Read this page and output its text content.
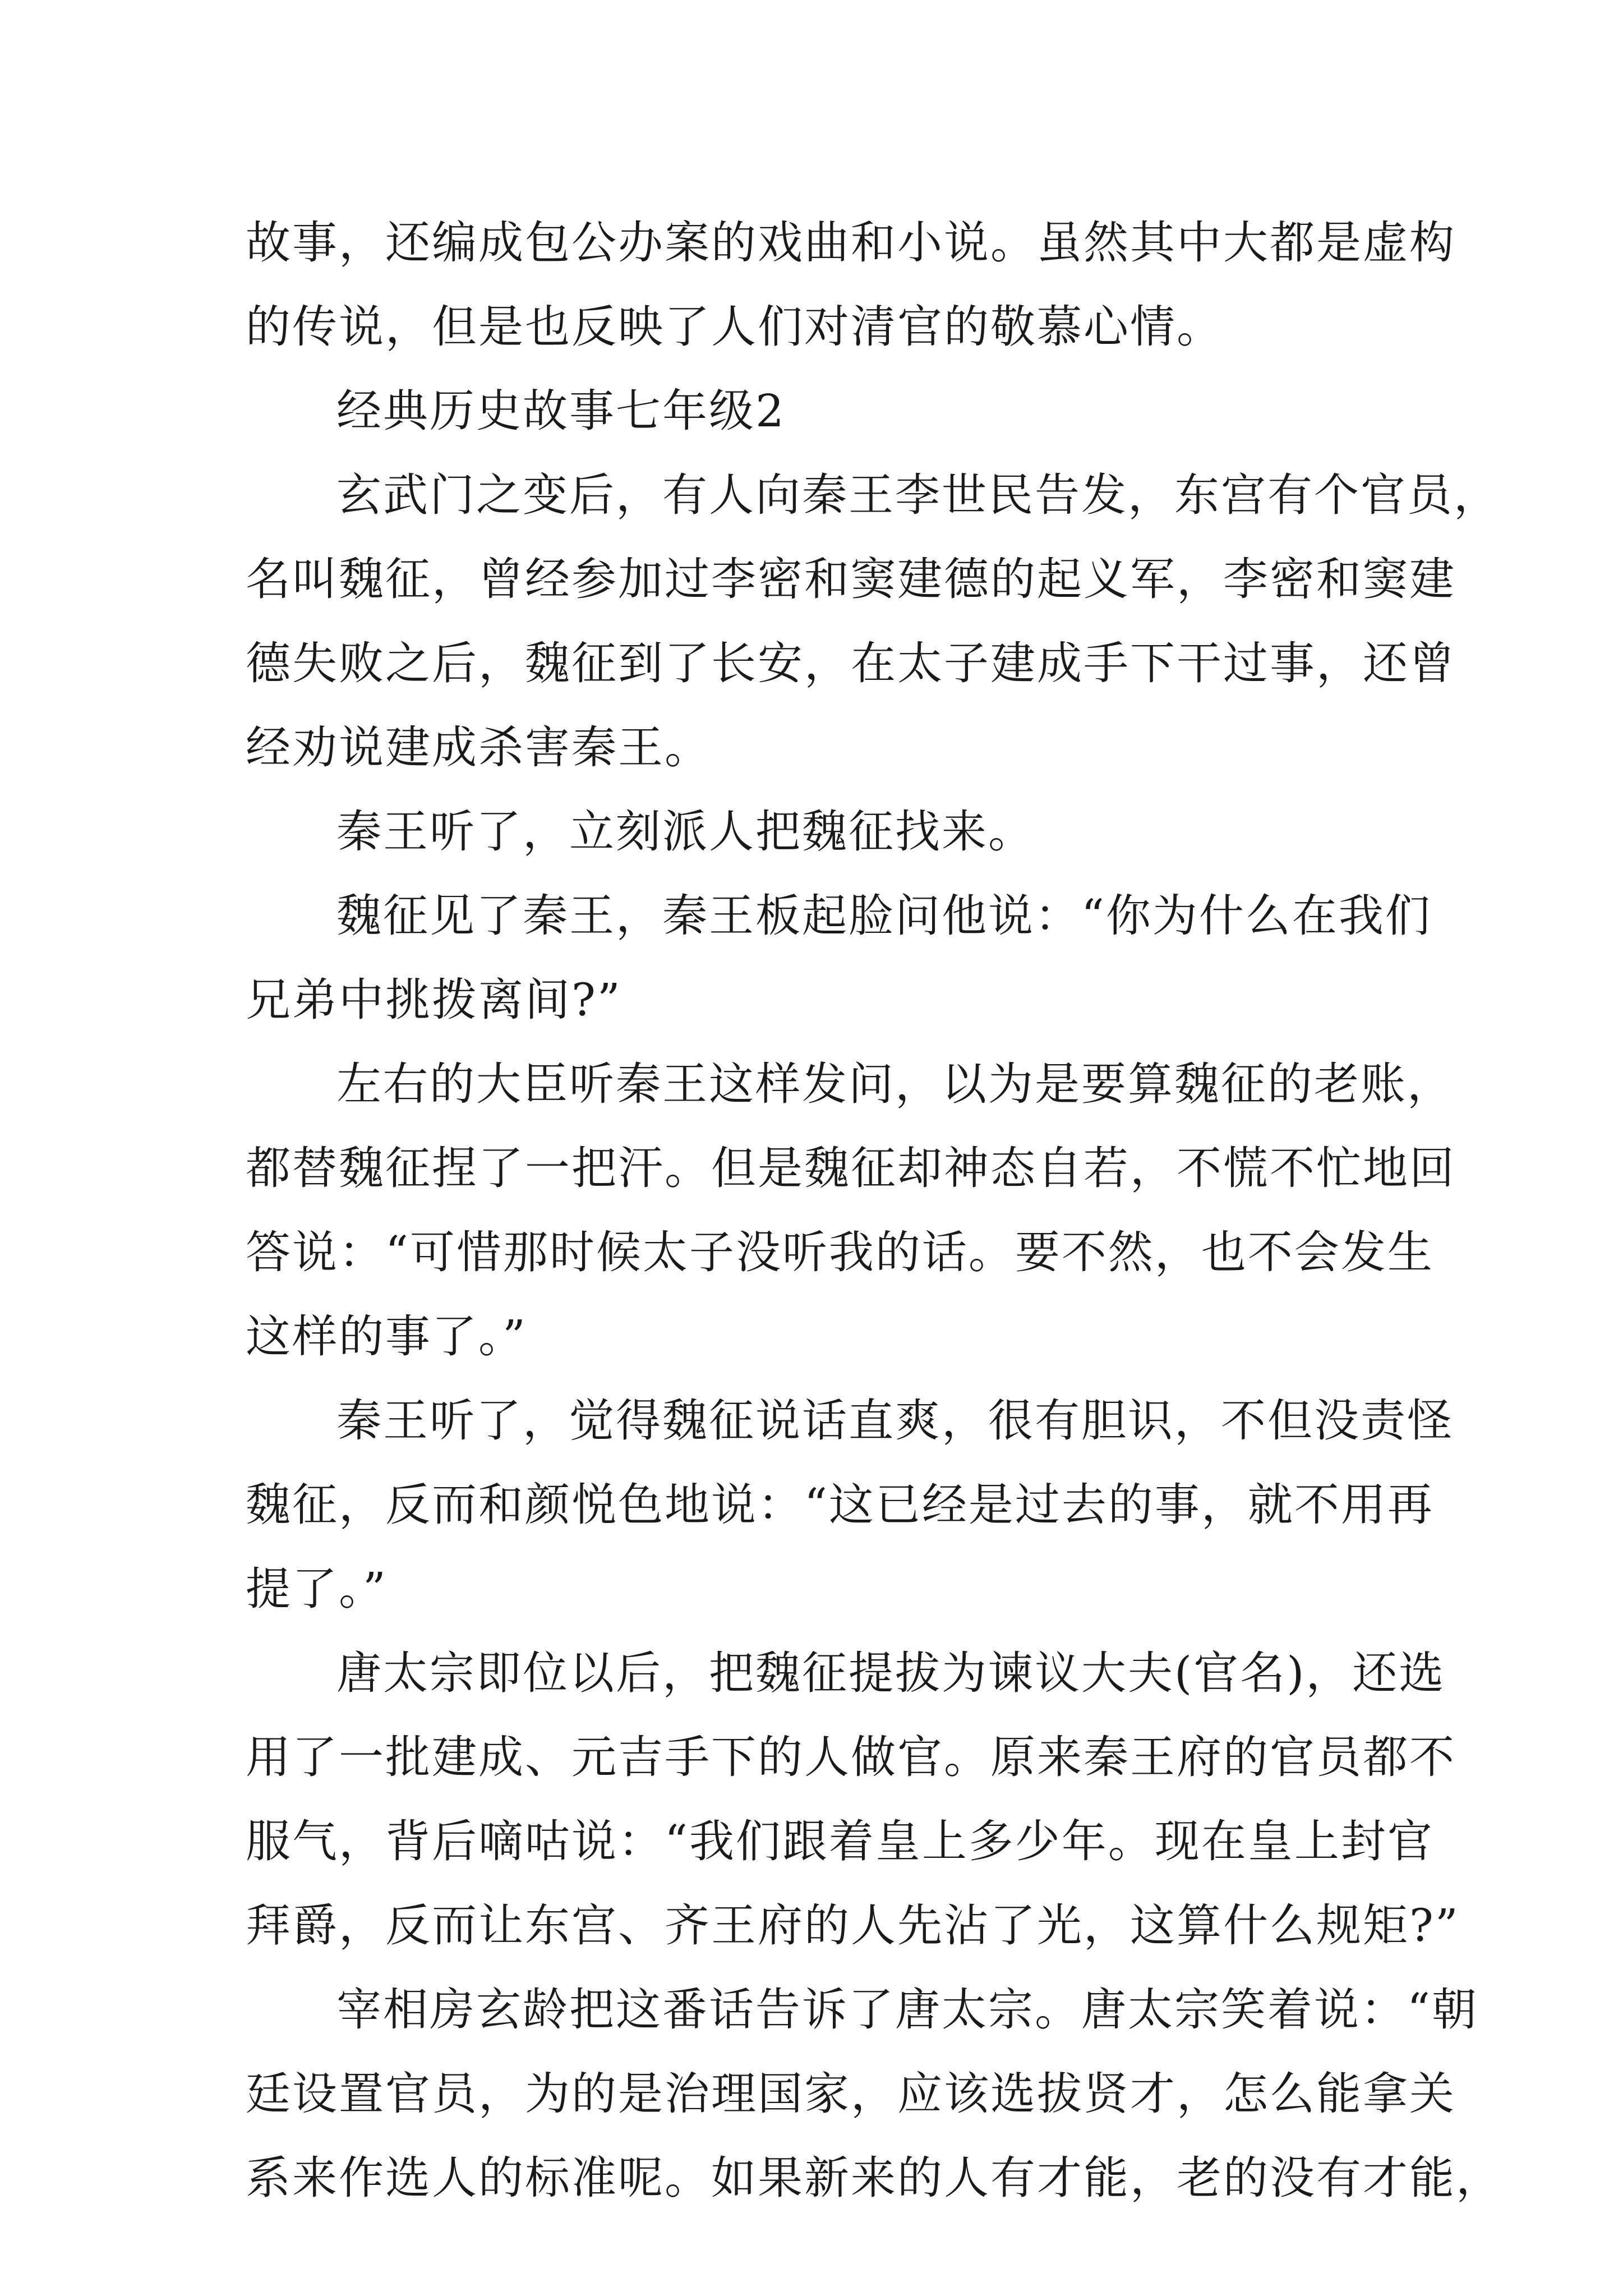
故事，还编成包公办案的戏曲和小说。虽然其中大都是虚构
的传说，但是也反映了人们对清官的敬慕心情。
经典历史故事七年级2
玄武门之变后，有人向秦王李世民告发，东宫有个官员，
名叫魏征，曾经参加过李密和窦建德的起义军，李密和窦建
德失败之后，魏征到了长安，在太子建成手下干过事，还曾
经劝说建成杀害秦王。
秦王听了，立刻派人把魏征找来。
魏征见了秦王，秦王板起脸问他说：“你为什么在我们
兄弟中挑拨离间?”
左右的大臣听秦王这样发问，以为是要算魏征的老账，
都替魏征捏了一把汗。但是魏征却神态自若，不慌不忙地回
答说：“可惜那时候太子没听我的话。要不然，也不会发生
这样的事了。”
秦王听了，觉得魏征说话直爽，很有胆识，不但没责怪
魏征，反而和颜悦色地说：“这已经是过去的事，就不用再
提了。”
唐太宗即位以后，把魏征提拔为谏议大夫(官名)，还选
用了一批建成、元吉手下的人做官。原来秦王府的官员都不
服气，背后嘀咕说：“我们跟着皇上多少年。现在皇上封官
拜爵，反而让东宫、齐王府的人先沾了光，这算什么规矩?”
宰相房玄龄把这番话告诉了唐太宗。唐太宗笑着说：“朝
廷设置官员，为的是治理国家，应该选拔贤才，怎么能拿关
系来作选人的标准呢。如果新来的人有才能，老的没有才能，
